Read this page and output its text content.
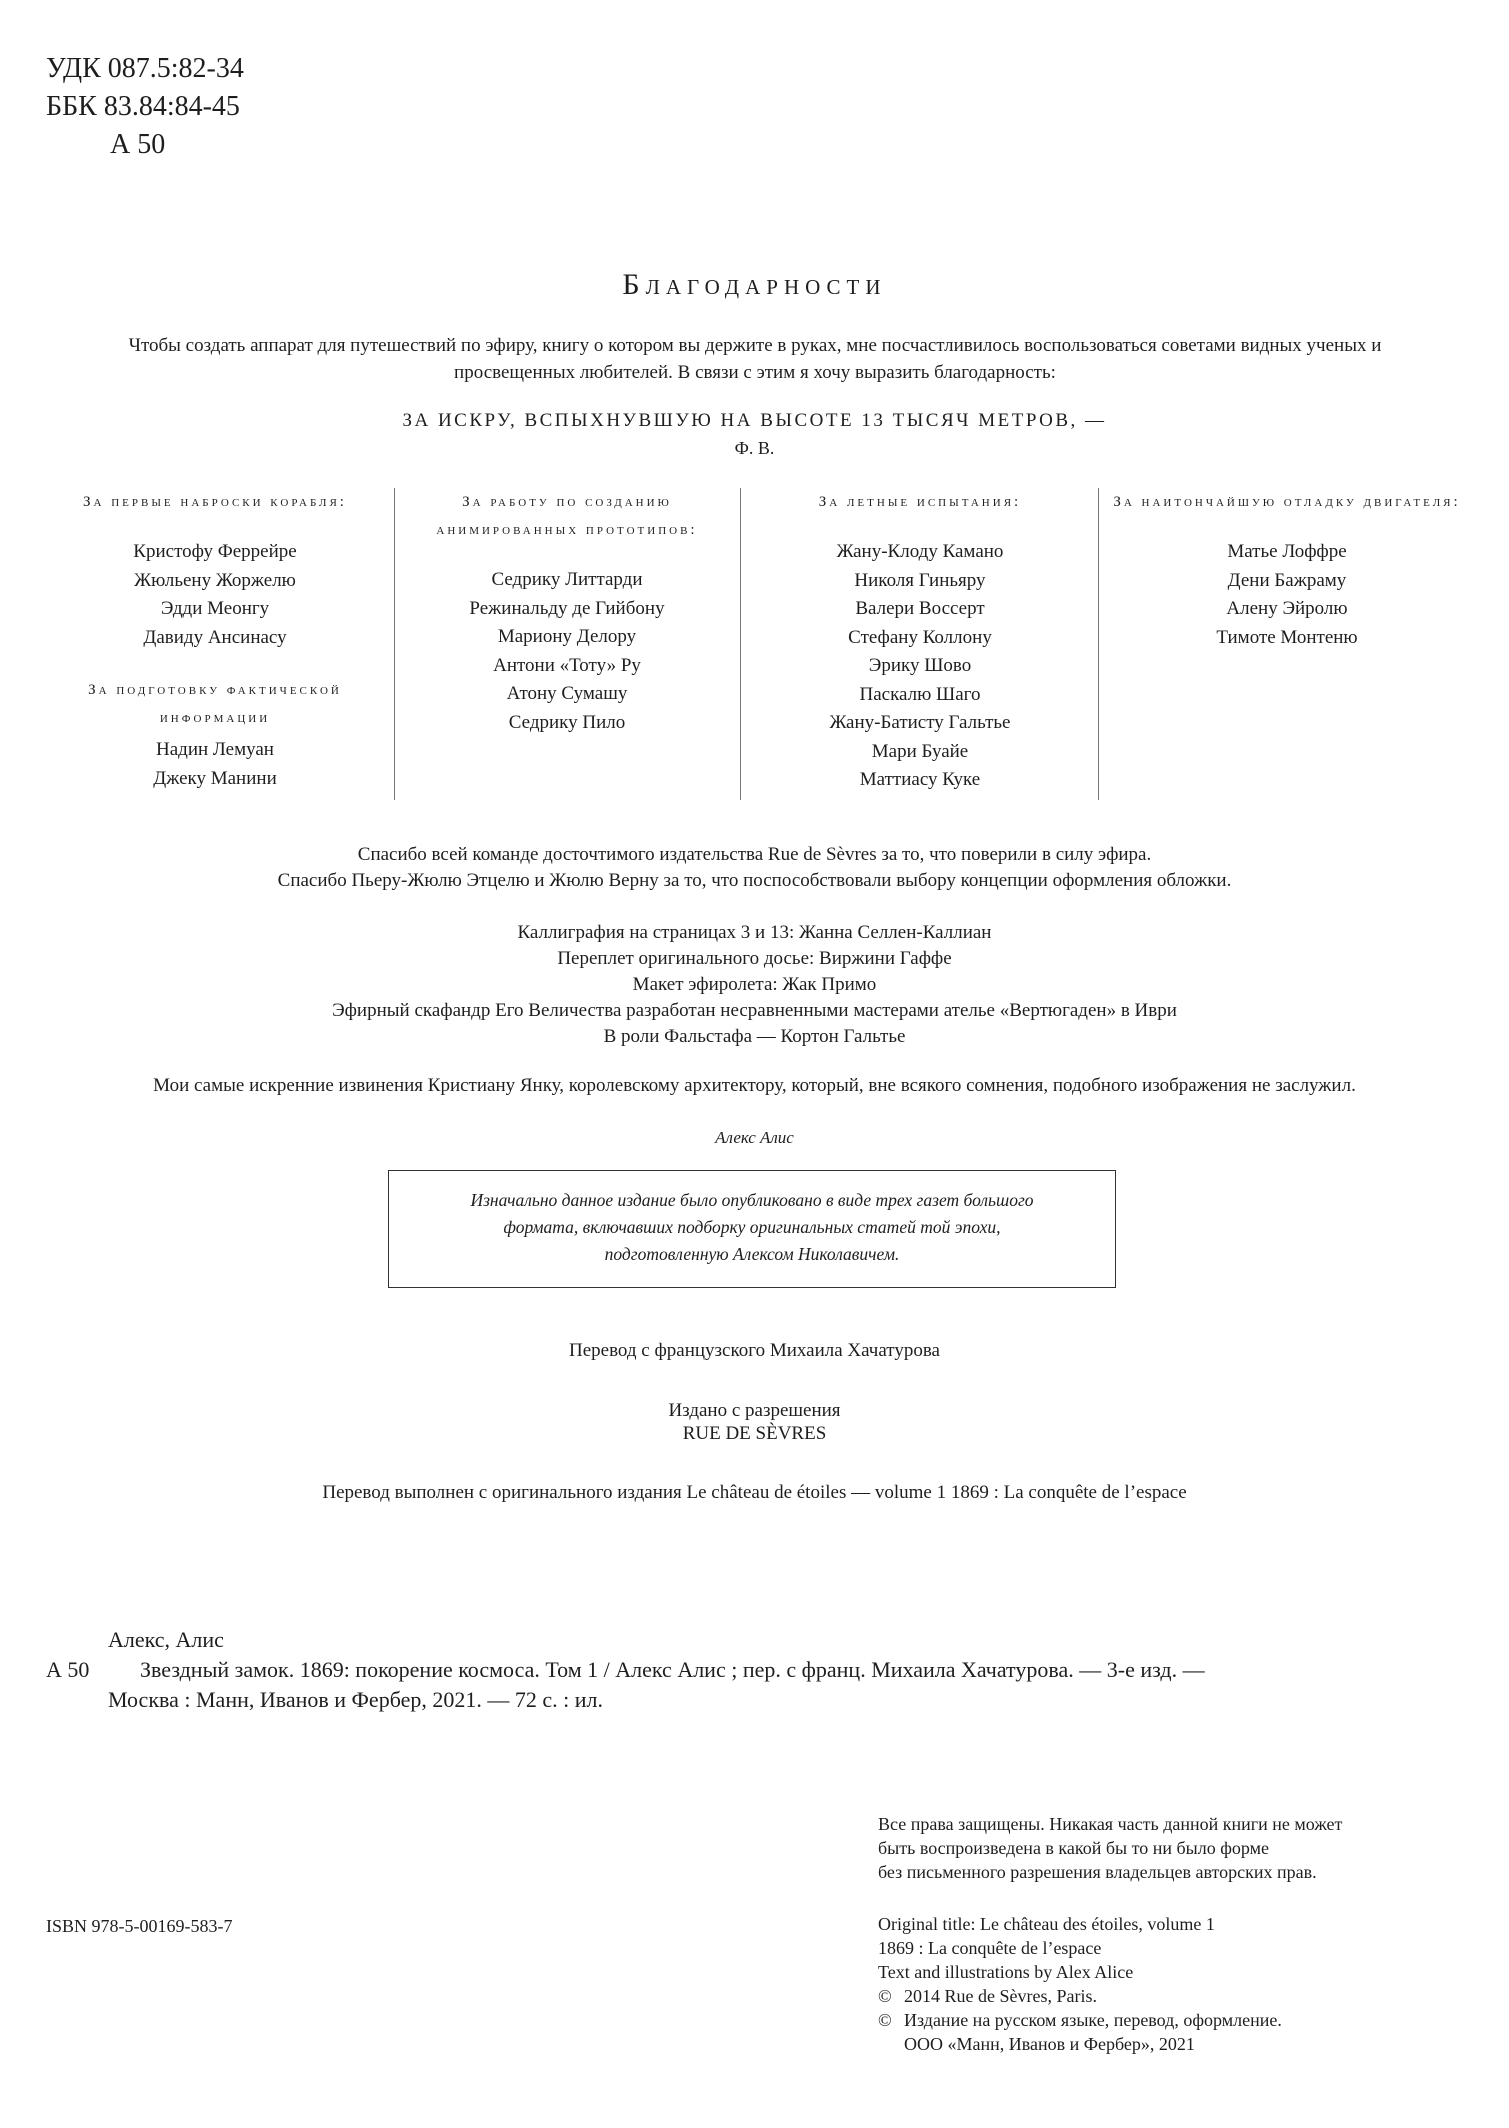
УДК 087.5:82-34
ББК 83.84:84-45
А 50
Благодарности
Чтобы создать аппарат для путешествий по эфиру, книгу о котором вы держите в руках, мне посчастливилось воспользоваться советами видных ученых и просвещенных любителей. В связи с этим я хочу выразить благодарность:
ЗА ИСКРУ, ВСПЫХНУВШУЮ НА ВЫСОТЕ 13 ТЫСЯЧ МЕТРОВ, —
Ф. В.
За первые наброски корабля:
Кристофу Феррейре
Жюльену Жоржелю
Эдди Меонгу
Давиду Ансинасу
За подготовку фактической информации
Надин Лемуан
Джеку Манини
За работу по созданию анимированных прототипов:
Седрику Литтарди
Режинальду де Гийбону
Мариону Делору
Антони «Тоту» Ру
Атону Сумашу
Седрику Пило
За летные испытания:
Жану-Клоду Камано
Николя Гиньяру
Валери Воссерт
Стефану Коллону
Эрику Шово
Паскалю Шаго
Жану-Батисту Гальтье
Мари Буайе
Маттиасу Куке
За наитончайшую отладку двигателя:
Матье Лоффре
Дени Бажраму
Алену Эйролю
Тимоте Монтеню
Спасибо всей команде досточтимого издательства Rue de Sèvres за то, что поверили в силу эфира.
Спасибо Пьеру-Жюлю Этцелю и Жюлю Верну за то, что поспособствовали выбору концепции оформления обложки.
Каллиграфия на страницах 3 и 13: Жанна Селлен-Каллиан
Переплет оригинального досье: Виржини Гаффе
Макет эфиролета: Жак Примо
Эфирный скафандр Его Величества разработан несравненными мастерами ателье «Вертюгаден» в Иври
В роли Фальстафа — Кортон Гальтье
Мои самые искренние извинения Кристиану Янку, королевскому архитектору, который, вне всякого сомнения, подобного изображения не заслужил.
Алекс Алис
Изначально данное издание было опубликовано в виде трех газет большого
формата, включавших подборку оригинальных статей той эпохи,
подготовленную Алексом Николавичем.
Перевод с французского Михаила Хачатурова
Издано с разрешения
RUE DE SÈVRES
Перевод выполнен с оригинального издания Le château de étoiles — volume 1 1869 : La conquête de l’espace
Алекс, Алис
А 50 Звездный замок. 1869: покорение космоса. Том 1 / Алекс Алис ; пер. с франц. Михаила Хачатурова. — 3-е изд. —
Москва : Манн, Иванов и Фербер, 2021. — 72 с. : ил.
Все права защищены. Никакая часть данной книги не может
быть воспроизведена в какой бы то ни было форме
без письменного разрешения владельцев авторских прав.
ISBN 978-5-00169-583-7	Original title: Le château des étoiles, volume 1
1869 : La conquête de l’espace
Text and illustrations by Alex Alice
© 2014 Rue de Sèvres, Paris.
© Издание на русском языке, перевод, оформление.
ООО «Манн, Иванов и Фербер», 2021
